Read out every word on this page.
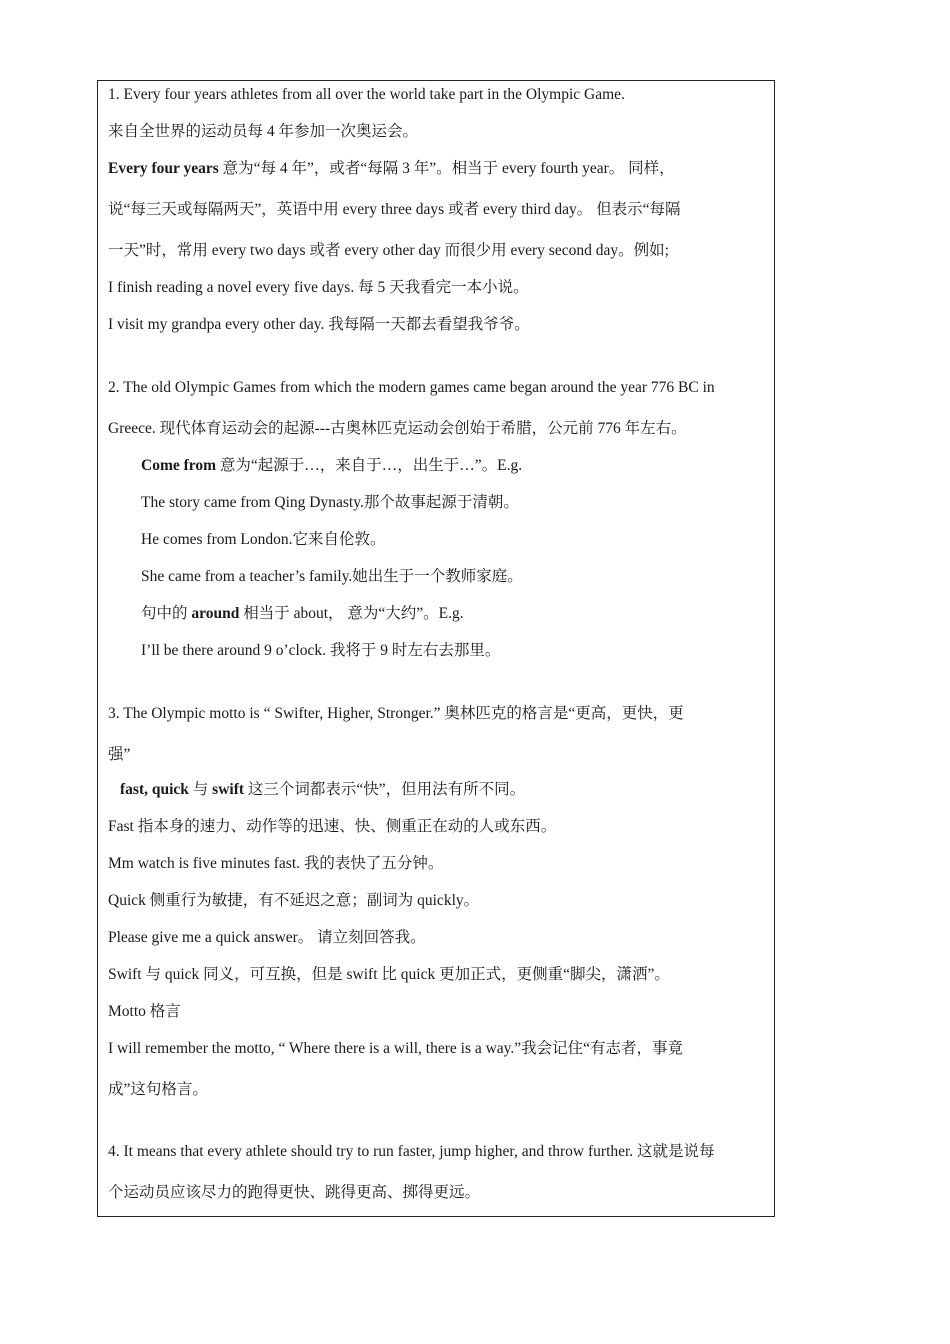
1. Every four years athletes from all over the world take part in the Olympic Game.
来自全世界的运动员每 4 年参加一次奥运会。
Every four years 意为“每 4 年”，或者“每隔 3 年”。相当于 every fourth year。 同样，
说“每三天或每隔两天”，英语中用 every three days 或者 every third day。 但表示“每隔
一天”时，常用 every two days 或者 every other day 而很少用 every second day。例如;
I finish reading a novel every five days. 每 5 天我看完一本小说。
I visit my grandpa every other day. 我每隔一天都去看望我爷爷。
2. The old Olympic Games from which the modern games came began around the year 776 BC in
Greece. 现代体育运动会的起源---古奥林匹克运动会创始于希腊，公元前 776 年左右。
Come from 意为“起源于…，来自于…，出生于…”。E.g.
The story came from Qing Dynasty.那个故事起源于清朝。
He comes from London.它来自伦敦。
She came from a teacher’s family.她出生于一个教师家庭。
句中的 around 相当于 about， 意为“大约”。E.g.
I’ll be there around 9 o’clock. 我将于 9 时左右去那里。
3. The Olympic motto is “ Swifter, Higher, Stronger.” 奥林匹克的格言是“更高，更快，更
强”
fast, quick 与 swift 这三个词都表示“快”，但用法有所不同。
Fast 指本身的速力、动作等的迅速、快、侧重正在动的人或东西。
Mm watch is five minutes fast. 我的表快了五分钟。
Quick 侧重行为敏捷，有不延迟之意；副词为 quickly。
Please give me a quick answer。 请立刻回答我。
Swift 与 quick 同义，可互换，但是 swift 比 quick 更加正式，更侧重“脚尖，潇洒”。
Motto 格言
I will remember the motto, “ Where there is a will, there is a way.”我会记住“有志者，事竟
成”这句格言。
4. It means that every athlete should try to run faster, jump higher, and throw further. 这就是说每
个运动员应该尽力的跑得更快、跳得更高、掷得更远。
